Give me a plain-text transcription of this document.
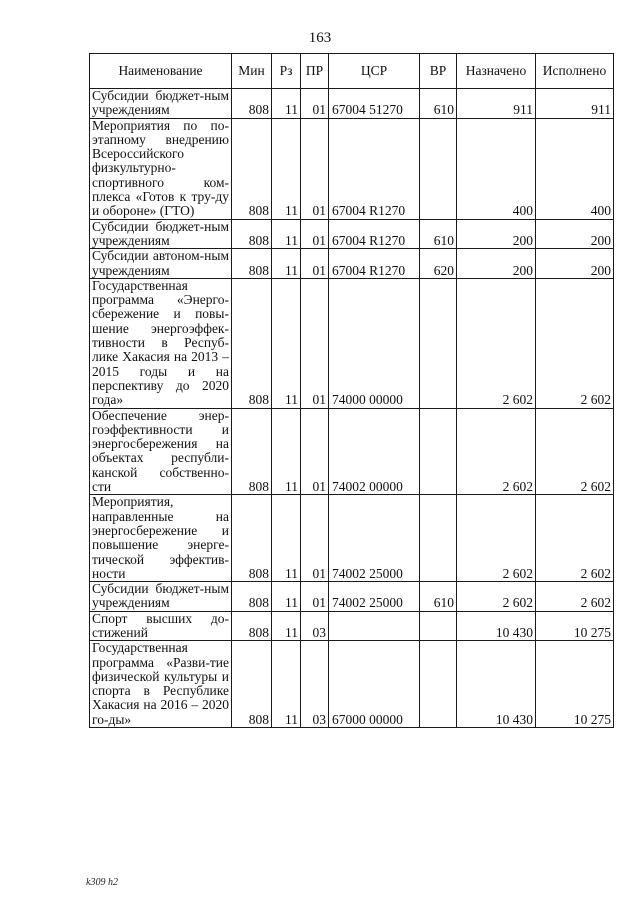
163
Наименование	Мин	Рз	ПР	ЦСР	ВР	Назначено	Исполнено
Субсидии бюджет-ным учреждениям	808	11	01	67004 51270	610	911	911
Мероприятия по по-этапному внедрению Всероссийского физкультурно-спортивного ком-плекса «Готов к тру-ду и обороне» (ГТО)	808	11	01	67004 R1270		400	400
Субсидии бюджет-ным учреждениям	808	11	01	67004 R1270	610	200	200
Субсидии автоном-ным учреждениям	808	11	01	67004 R1270	620	200	200
Государственная программа «Энерго-сбережение и повы-шение энергоэффек-тивности в Респуб-лике Хакасия на 2013 – 2015 годы и на перспективу до 2020 года»	808	11	01	74000 00000		2 602	2 602
Обеспечение энер-гоэффективности и энергосбережения на объектах республи-канской собственно-сти	808	11	01	74002 00000		2 602	2 602
Мероприятия, направленные на энергосбережение и повышение энерге-тической эффектив-ности	808	11	01	74002 25000		2 602	2 602
Субсидии бюджет-ным учреждениям	808	11	01	74002 25000	610	2 602	2 602
Спорт высших до-стижений	808	11	03			10 430	10 275
Государственная программа «Разви-тие физической культуры и спорта в Республике Хакасия на 2016 – 2020 го-ды»	808	11	03	67000 00000		10 430	10 275
k309 h2
